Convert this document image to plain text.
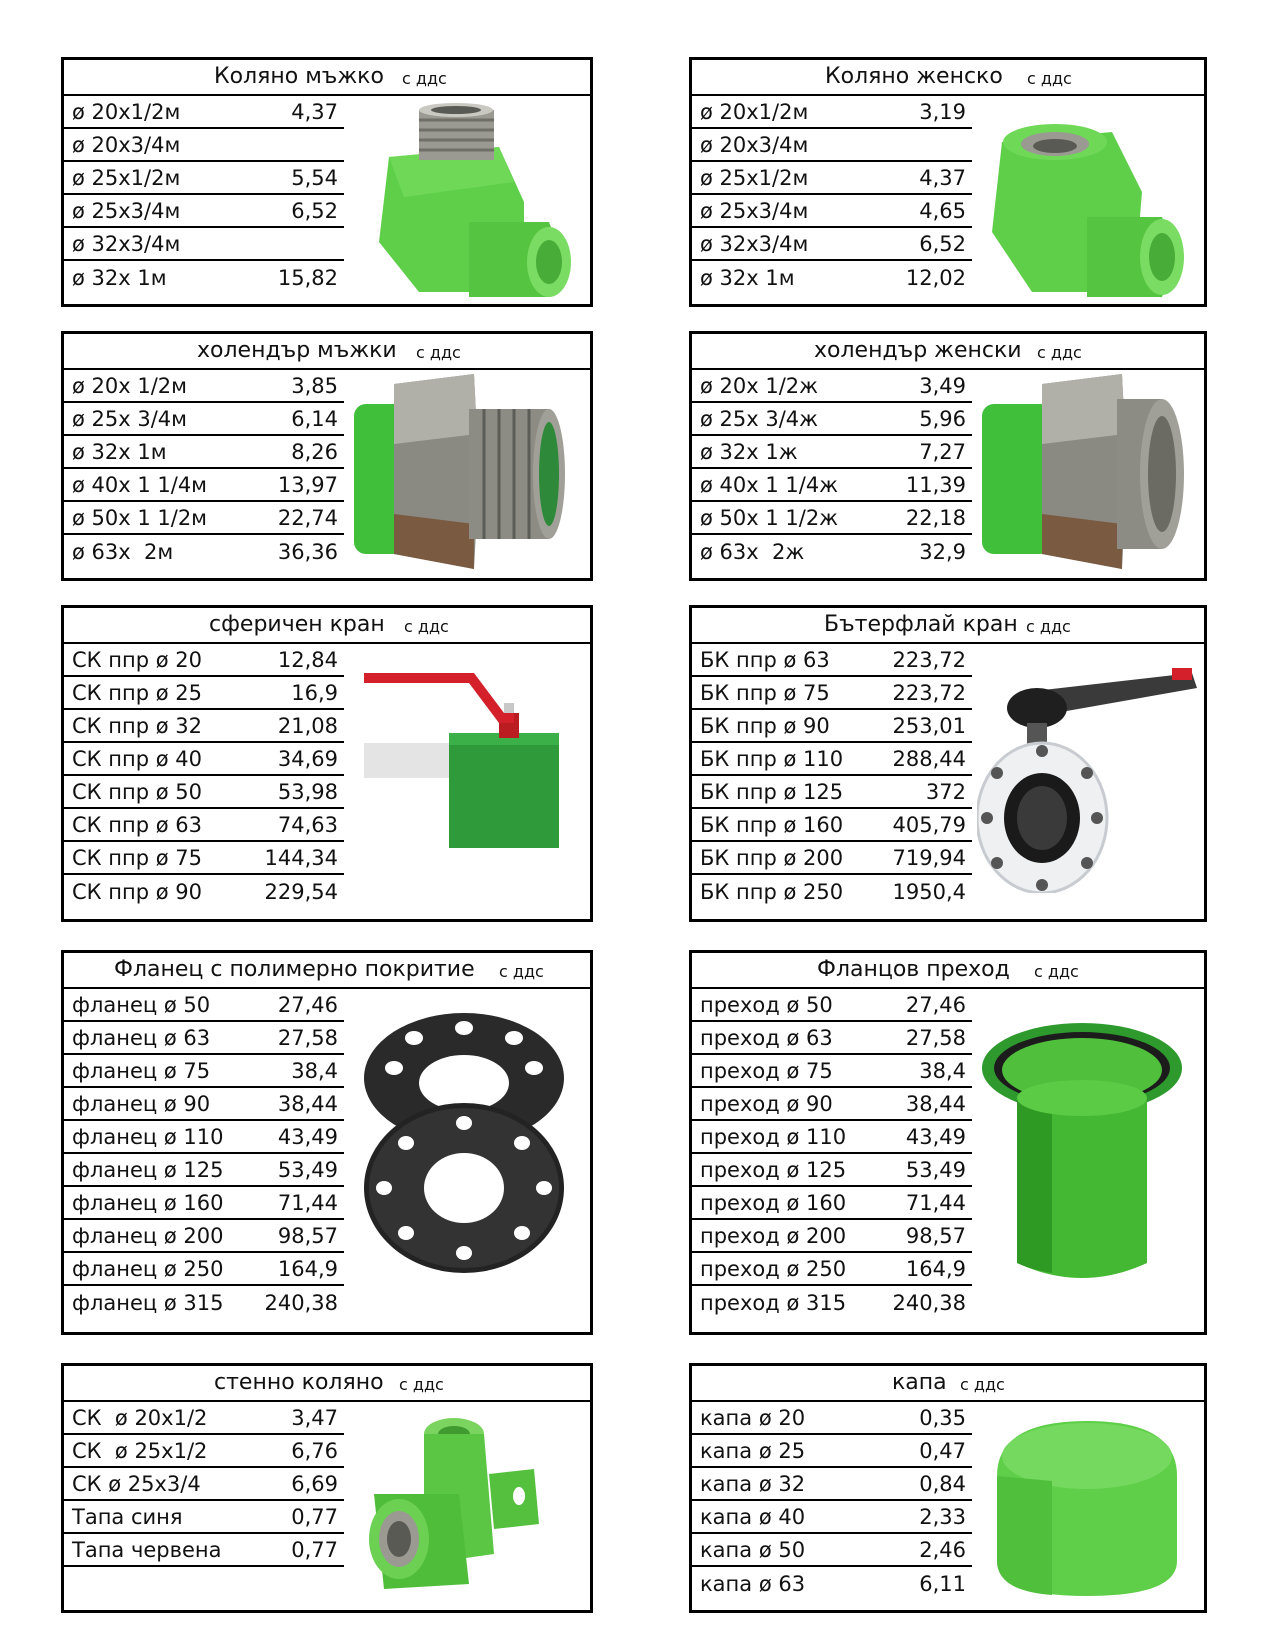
Коляно мъжко с ддс
ø 20x1/2м	4,37
ø 20x3/4м
ø 25x1/2м	5,54
ø 25x3/4м	6,52
ø 32x3/4м
ø 32x 1м	15,82
Коляно женско с ддс
ø 20x1/2м	3,19
ø 20x3/4м
ø 25x1/2м	4,37
ø 25x3/4м	4,65
ø 32x3/4м	6,52
ø 32x 1м	12,02
холендър мъжки с ддс
ø 20x 1/2м	3,85
ø 25x 3/4м	6,14
ø 32x 1м	8,26
ø 40x 1 1/4м	13,97
ø 50x 1 1/2м	22,74
ø 63x  2м	36,36
холендър женски с ддс
ø 20x 1/2ж	3,49
ø 25x 3/4ж	5,96
ø 32x 1ж	7,27
ø 40x 1 1/4ж	11,39
ø 50x 1 1/2ж	22,18
ø 63x  2ж	32,9
сферичен кран с ддс
СК ппр ø 20	12,84
СК ппр ø 25	16,9
СК ппр ø 32	21,08
СК ппр ø 40	34,69
СК ппр ø 50	53,98
СК ппр ø 63	74,63
СК ппр ø 75	144,34
СК ппр ø 90	229,54
Бътерфлай кран с ддс
БК ппр ø 63	223,72
БК ппр ø 75	223,72
БК ппр ø 90	253,01
БК ппр ø 110 288,44
БК ппр ø 125	372
БК ппр ø 160 405,79
БК ппр ø 200 719,94
БК ппр ø 250 1950,4
Фланец с полимерно покритие с ддс
фланец ø 50	27,46
фланец ø 63	27,58
фланец ø 75	38,4
фланец ø 90	38,44
фланец ø 110	43,49
фланец ø 125	53,49
фланец ø 160	71,44
фланец ø 200	98,57
фланец ø 250	164,9
фланец ø 315 240,38
Фланцов преход с ддс
преход ø 50	27,46
преход ø 63	27,58
преход ø 75	38,4
преход ø 90	38,44
преход ø 110	43,49
преход ø 125	53,49
преход ø 160	71,44
преход ø 200	98,57
преход ø 250	164,9
преход ø 315 240,38
стенно коляно с ддс
СК  ø 20x1/2	3,47
СК  ø 25x1/2	6,76
СК ø 25x3/4	6,69
Тапа синя	0,77
Тапа червена	0,77
капа с ддс
капа ø 20	0,35
капа ø 25	0,47
капа ø 32	0,84
капа ø 40	2,33
капа ø 50	2,46
капа ø 63	6,11
